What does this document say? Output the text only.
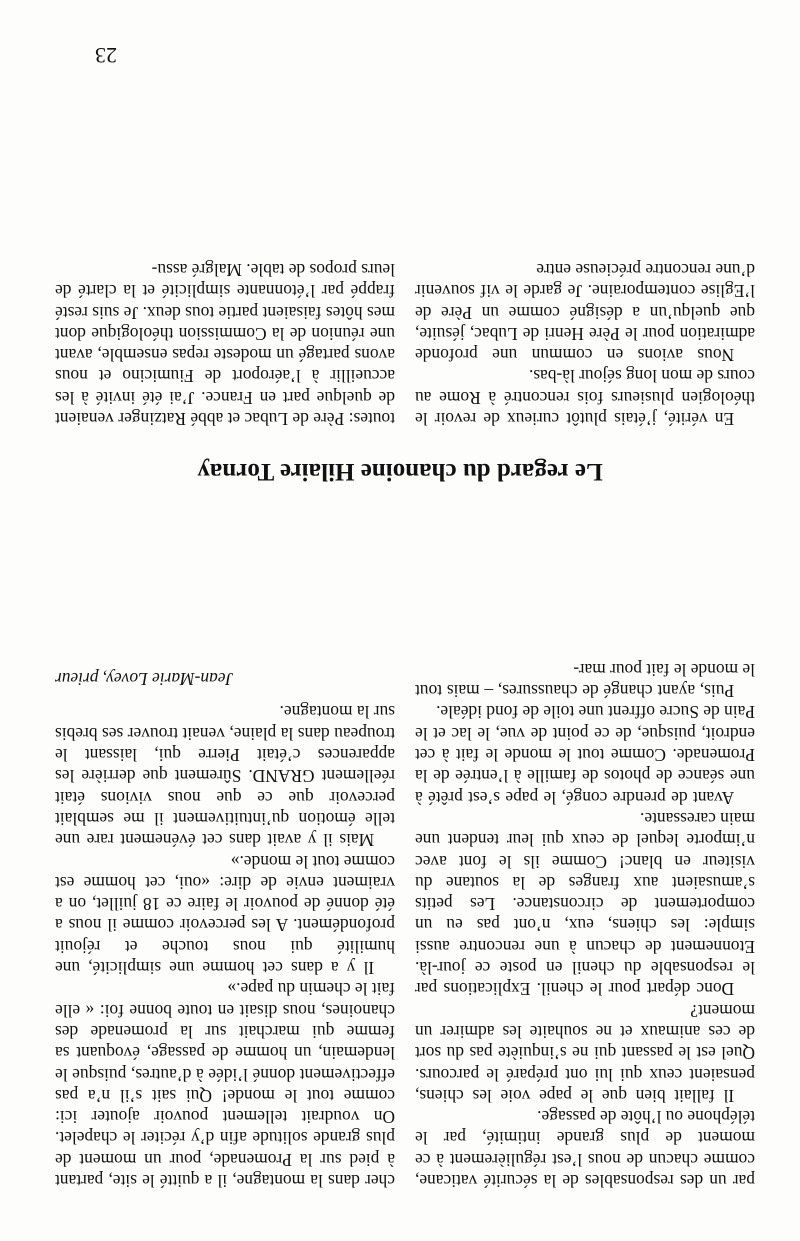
par un des responsables de la sécurité vaticane, comme chacun de nous l’est régulièrement à ce moment de plus grande intimité, par le téléphone ou l’hôte de passage.

Il fallait bien que le pape voie les chiens, pensaient ceux qui lui ont préparé le parcours. Quel est le passant qui ne s’inquiète pas du sort de ces animaux et ne souhaite les admirer un moment?

Donc départ pour le chenil. Explications par le responsable du chenil en poste ce jour-là. Etonnement de chacun à une rencontre aussi simple: les chiens, eux, n’ont pas eu un comportement de circonstance. Les petits s’amusaient aux franges de la soutane du visiteur en blanc! Comme ils le font avec n’importe lequel de ceux qui leur tendent une main caressante.

Avant de prendre congé, le pape s’est prêté à une séance de photos de famille à l’entrée de la Promenade. Comme tout le monde le fait à cet endroit, puisque, de ce point de vue, le lac et le Pain de Sucre offrent une toile de fond idéale.

Puis, ayant changé de chaussures, – mais tout le monde le fait pour mar-

cher dans la montagne, il a quitté le site, partant à pied sur la Promenade, pour un moment de plus grande solitude afin d’y réciter le chapelet. On voudrait tellement pouvoir ajouter ici: comme tout le monde! Qui sait s’il n’a pas effectivement donné l’idée à d’autres, puisque le lendemain, un homme de passage, évoquant sa femme qui marchait sur la promenade des chanoines, nous disait en toute bonne foi: « elle fait le chemin du pape.»

Il y a dans cet homme une simplicité, une humilité qui nous touche et réjouit profondément. A les percevoir comme il nous a été donné de pouvoir le faire ce 18 juillet, on a vraiment envie de dire: «oui, cet homme est comme tout le monde.»

Mais il y avait dans cet événement rare une telle émotion qu’intuitivement il me semblait percevoir que ce que nous vivions était réellement GRAND. Sûrement que derrière les apparences c’était Pierre qui, laissant le troupeau dans la plaine, venait trouver ses brebis sur la montagne.

Jean-Marie Lovey, prieur

Le regard du chanoine Hilaire Tornay

En vérité, j’étais plutôt curieux de revoir le théologien plusieurs fois rencontré à Rome au cours de mon long séjour là-bas.

Nous avions en commun une profonde admiration pour le Père Henri de Lubac, jésuite, que quelqu’un a désigné comme un Père de l’Eglise contemporaine. Je garde le vif souvenir d’une rencontre précieuse entre

toutes: Père de Lubac et abbé Ratzinger venaient de quelque part en France. J’ai été invité à les accueillir à l’aéroport de Fiumicino et nous avons partagé un modeste repas ensemble, avant une réunion de la Commission théologique dont mes hôtes faisaient partie tous deux. Je suis resté frappé par l’étonnante simplicité et la clarté de leurs propos de table. Malgré assu-

23
